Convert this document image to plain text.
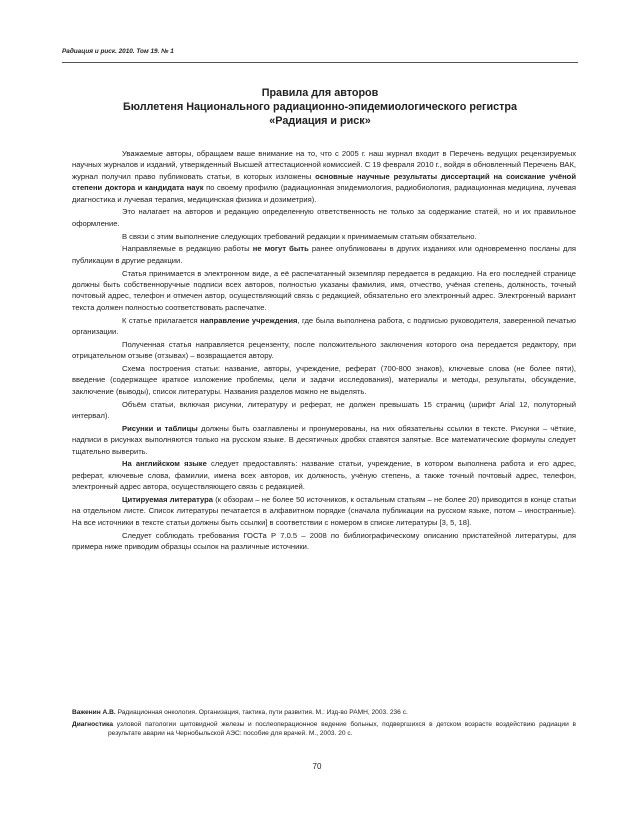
Радиация и риск. 2010. Том 19. № 1
Правила для авторов
Бюллетеня Национального радиационно-эпидемиологического регистра
«Радиация и риск»

Уважаемые авторы, обращаем ваше внимание на то, что с 2005 г. наш журнал входит в Перечень ведущих рецензируемых научных журналов и изданий, утвержденный Высшей аттестационной комиссией. С 19 февраля 2010 г., войдя в обновленный Перечень ВАК, журнал получил право публиковать статьи, в которых изложены основные научные результаты диссертаций на соискание учёной степени доктора и кандидата наук по своему профилю (радиационная эпидемиология, радиобиология, радиационная медицина, лучевая диагностика и лучевая терапия, медицинская физика и дозиметрия).

Это налагает на авторов и редакцию определенную ответственность не только за содержание статей, но и их правильное оформление.

В связи с этим выполнение следующих требований редакции к принимаемым статьям обязательно.

Направляемые в редакцию работы не могут быть ранее опубликованы в других изданиях или одновременно посланы для публикации в другие редакции.

Статья принимается в электронном виде, а её распечатанный экземпляр передается в редакцию. На его последней странице должны быть собственноручные подписи всех авторов, полностью указаны фамилия, имя, отчество, учёная степень, должность, точный почтовый адрес, телефон и отмечен автор, осуществляющий связь с редакцией, обязательно его электронный адрес. Электронный вариант текста должен полностью соответствовать распечатке.

К статье прилагается направление учреждения, где была выполнена работа, с подписью руководителя, заверенной печатью организации.

Полученная статья направляется рецензенту, после положительного заключения которого она передается редактору, при отрицательном отзыве (отзывах) – возвращается автору.

Схема построения статьи: название, авторы, учреждение, реферат (700-800 знаков), ключевые слова (не более пяти), введение (содержащее краткое изложение проблемы, цели и задачи исследования), материалы и методы, результаты, обсуждение, заключение (выводы), список литературы. Названия разделов можно не выделять.

Объём статьи, включая рисунки, литературу и реферат, не должен превышать 15 страниц (шрифт Arial 12, полуторный интервал).

Рисунки и таблицы должны быть озаглавлены и пронумерованы, на них обязательны ссылки в тексте. Рисунки – чёткие, надписи в рисунках выполняются только на русском языке. В десятичных дробях ставятся запятые. Все математические формулы следует тщательно выверить.

На английском языке следует предоставлять: название статьи, учреждение, в котором выполнена работа и его адрес, реферат, ключевые слова, фамилии, имена всех авторов, их должность, учёную степень, а также точный почтовый адрес, телефон, электронный адрес автора, осуществляющего связь с редакцией.

Цитируемая литература (к обзорам – не более 50 источников, к остальным статьям – не более 20) приводится в конце статьи на отдельном листе. Список литературы печатается в алфавитном порядке (сначала публикации на русском языке, потом – иностранные). На все источники в тексте статьи должны быть ссылки] в соответствии с номером в списке литературы [3, 5, 18].

Следует соблюдать требования ГОСТа Р 7.0.5 – 2008 по библиографическому описанию пристатейной литературы, для примера ниже приводим образцы ссылок на различные источники.

Важенин А.В. Радиационная онкология. Организация, тактика, пути развития. М.: Изд-во РАМН, 2003. 236 с.
Диагностика узловой патологии щитовидной железы и послеоперационное ведение больных, подвергшихся в детском возрасте воздействию радиации в результате аварии на Чернобыльской АЭС: пособие для врачей. М., 2003. 20 с.
70
